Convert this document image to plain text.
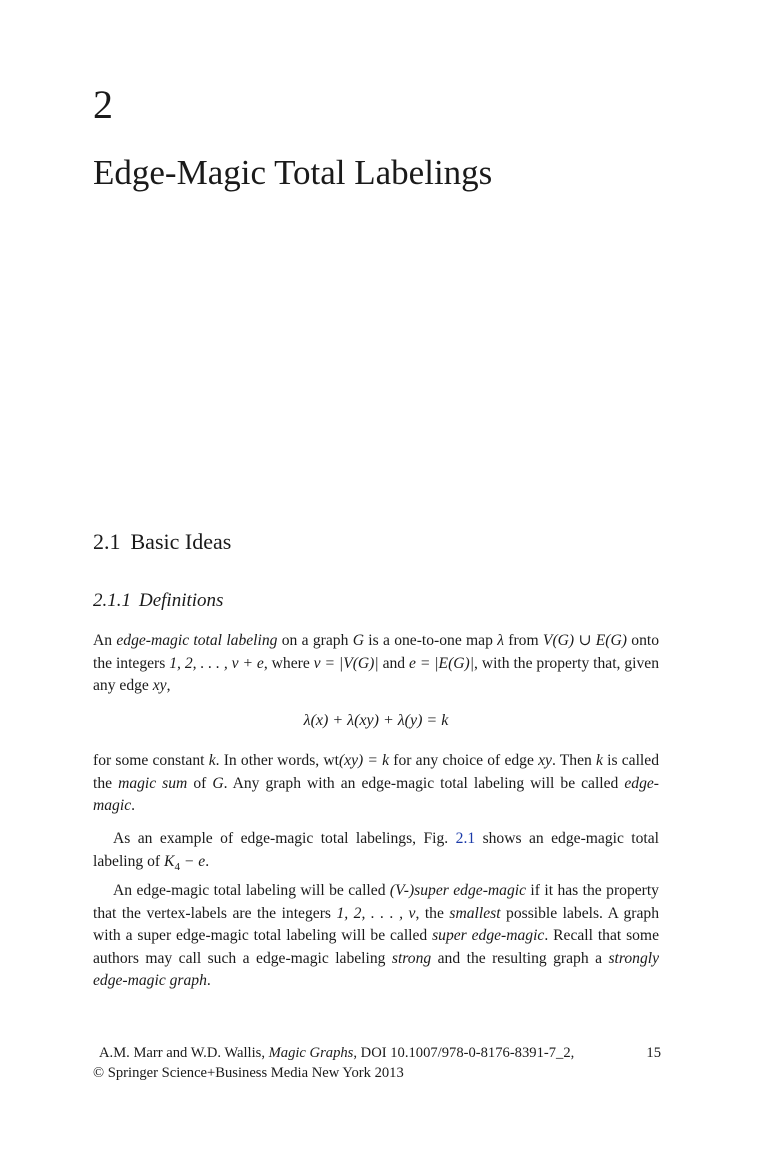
2
Edge-Magic Total Labelings
2.1 Basic Ideas
2.1.1 Definitions
An edge-magic total labeling on a graph G is a one-to-one map λ from V(G) ∪ E(G) onto the integers 1, 2, . . . , v + e, where v = |V(G)| and e = |E(G)|, with the property that, given any edge xy,
λ(x) + λ(xy) + λ(y) = k
for some constant k. In other words, wt(xy) = k for any choice of edge xy. Then k is called the magic sum of G. Any graph with an edge-magic total labeling will be called edge-magic.
As an example of edge-magic total labelings, Fig. 2.1 shows an edge-magic total labeling of $K_4 - e$.
An edge-magic total labeling will be called (V-)super edge-magic if it has the property that the vertex-labels are the integers 1, 2, . . . , v, the smallest possible labels. A graph with a super edge-magic total labeling will be called super edge-magic. Recall that some authors may call such a edge-magic labeling strong and the resulting graph a strongly edge-magic graph.
A.M. Marr and W.D. Wallis, Magic Graphs, DOI 10.1007/978-0-8176-8391-7_2,	15
© Springer Science+Business Media New York 2013
